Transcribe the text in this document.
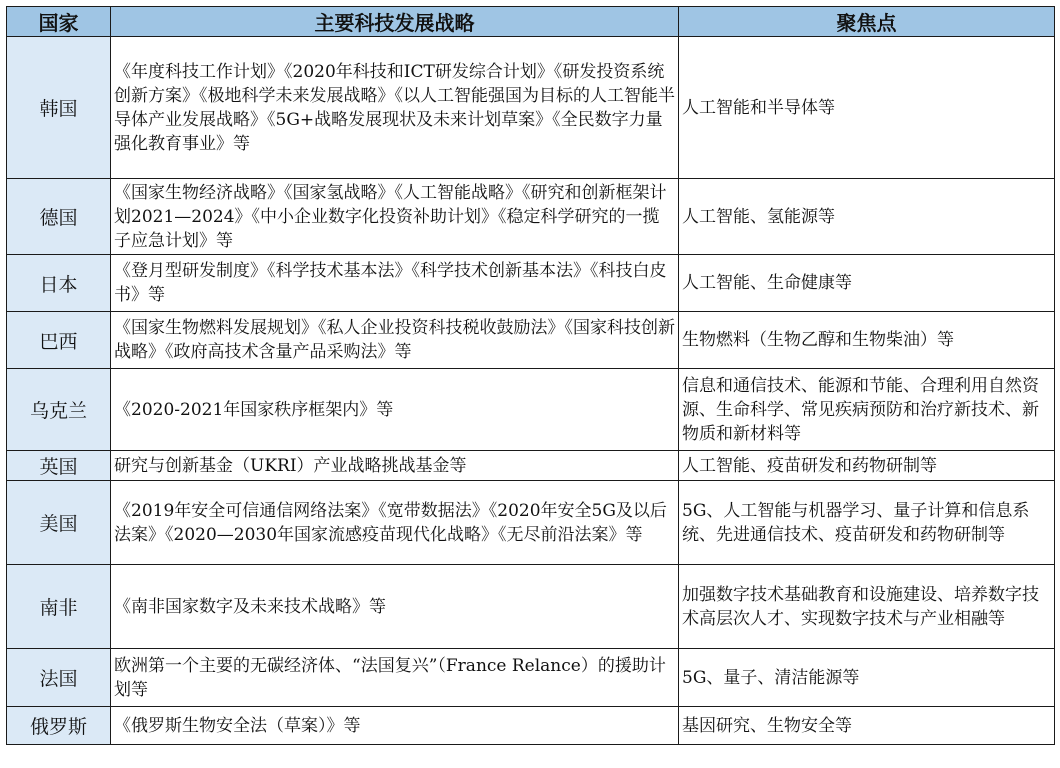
国家	主要科技发展战略	聚焦点
韩国	《年度科技工作计划》《2020年科技和ICT研发综合计划》《研发投资系统创新方案》《极地科学未来发展战略》《以人工智能强国为目标的人工智能半导体产业发展战略》《5G+战略发展现状及未来计划草案》《全民数字力量强化教育事业》等	人工智能和半导体等
德国	《国家生物经济战略》《国家氢战略》《人工智能战略》《研究和创新框架计划2021—2024》《中小企业数字化投资补助计划》《稳定科学研究的一揽子应急计划》等	人工智能、氢能源等
日本	《登月型研发制度》《科学技术基本法》《科学技术创新基本法》《科技白皮书》等	人工智能、生命健康等
巴西	《国家生物燃料发展规划》《私人企业投资科技税收鼓励法》《国家科技创新战略》《政府高技术含量产品采购法》等	生物燃料（生物乙醇和生物柴油）等
乌克兰	《2020-2021年国家秩序框架内》等	信息和通信技术、能源和节能、合理利用自然资源、生命科学、常见疾病预防和治疗新技术、新物质和新材料等
英国	研究与创新基金（UKRI）产业战略挑战基金等	人工智能、疫苗研发和药物研制等
美国	《2019年安全可信通信网络法案》《宽带数据法》《2020年安全5G及以后法案》《2020—2030年国家流感疫苗现代化战略》《无尽前沿法案》等	5G、人工智能与机器学习、量子计算和信息系统、先进通信技术、疫苗研发和药物研制等
南非	《南非国家数字及未来技术战略》等	加强数字技术基础教育和设施建设、培养数字技术高层次人才、实现数字技术与产业相融等
法国	欧洲第一个主要的无碳经济体、“法国复兴”（France Relance）的援助计划等	5G、量子、清洁能源等
俄罗斯	《俄罗斯生物安全法（草案）》等	基因研究、生物安全等
